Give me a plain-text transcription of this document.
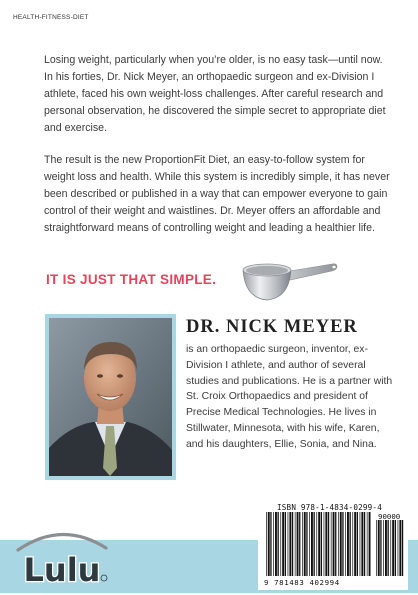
HEALTH-FITNESS-DIET

Losing weight, particularly when you’re older, is no easy task—until now. In his forties, Dr. Nick Meyer, an orthopaedic surgeon and ex-Division I athlete, faced his own weight-loss challenges. After careful research and personal observation, he discovered the simple secret to appropriate diet and exercise.

The result is the new ProportionFit Diet, an easy-to-follow system for weight loss and health. While this system is incredibly simple, it has never been described or published in a way that can empower everyone to gain control of their weight and waistlines. Dr. Meyer offers an affordable and straightforward means of controlling weight and leading a healthier life.

IT IS JUST THAT SIMPLE.
DR. NICK MEYER

is an orthopaedic surgeon, inventor, ex-Division I athlete, and author of several studies and publications. He is a partner with St. Croix Orthopaedics and president of Precise Medical Technologies. He lives in Stillwater, Minnesota, with his wife, Karen, and his daughters, Ellie, Sonia, and Nina.

Lulu
ISBN 978-1-4834-0299-4
9 781483 402994
90000
